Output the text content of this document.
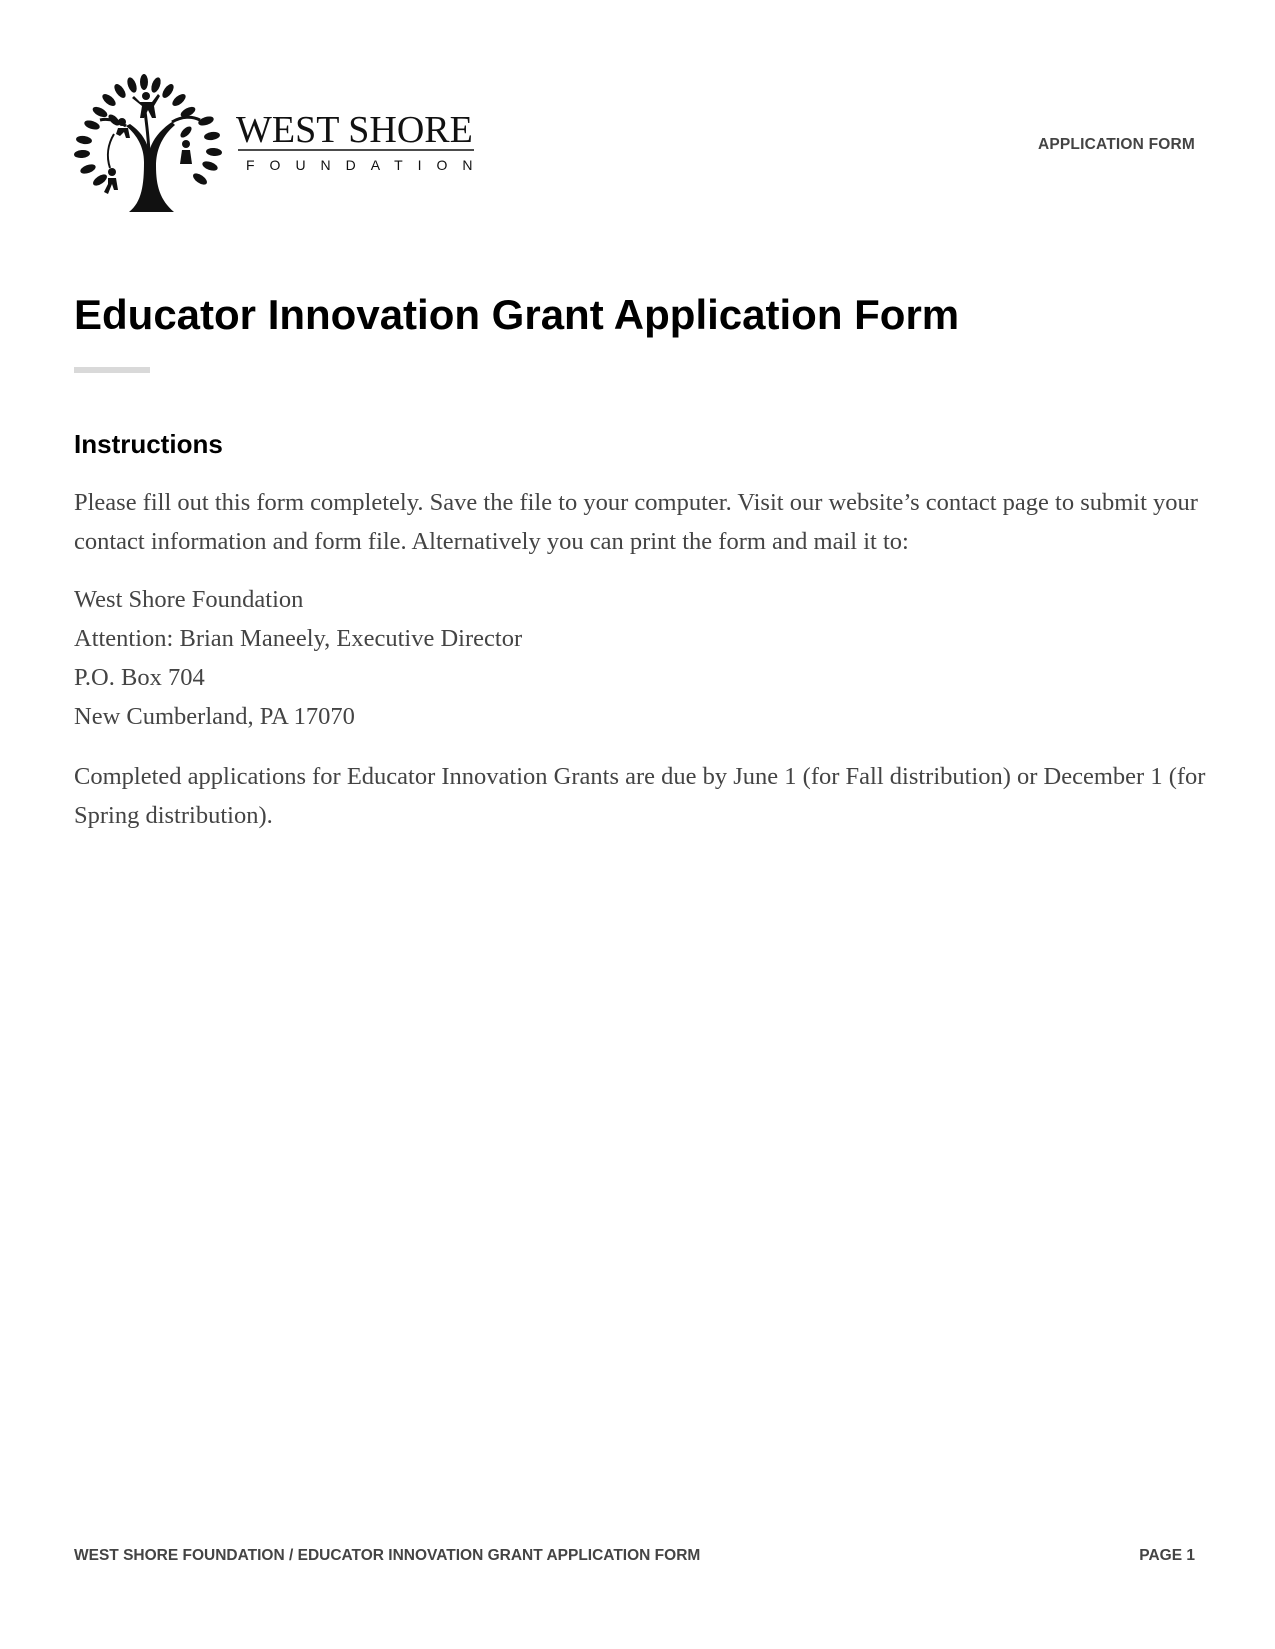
WEST SHORE
FOUNDATION
APPLICATION FORM
Educator Innovation Grant Application Form
Instructions

Please fill out this form completely. Save the file to your computer. Visit our website’s contact page to submit your contact information and form file. Alternatively you can print the form and mail it to:

West Shore Foundation
Attention: Brian Maneely, Executive Director
P.O. Box 704
New Cumberland, PA 17070

Completed applications for Educator Innovation Grants are due by June 1 (for Fall distribution) or December 1 (for Spring distribution).

WEST SHORE FOUNDATION / EDUCATOR INNOVATION GRANT APPLICATION FORM	PAGE 1
